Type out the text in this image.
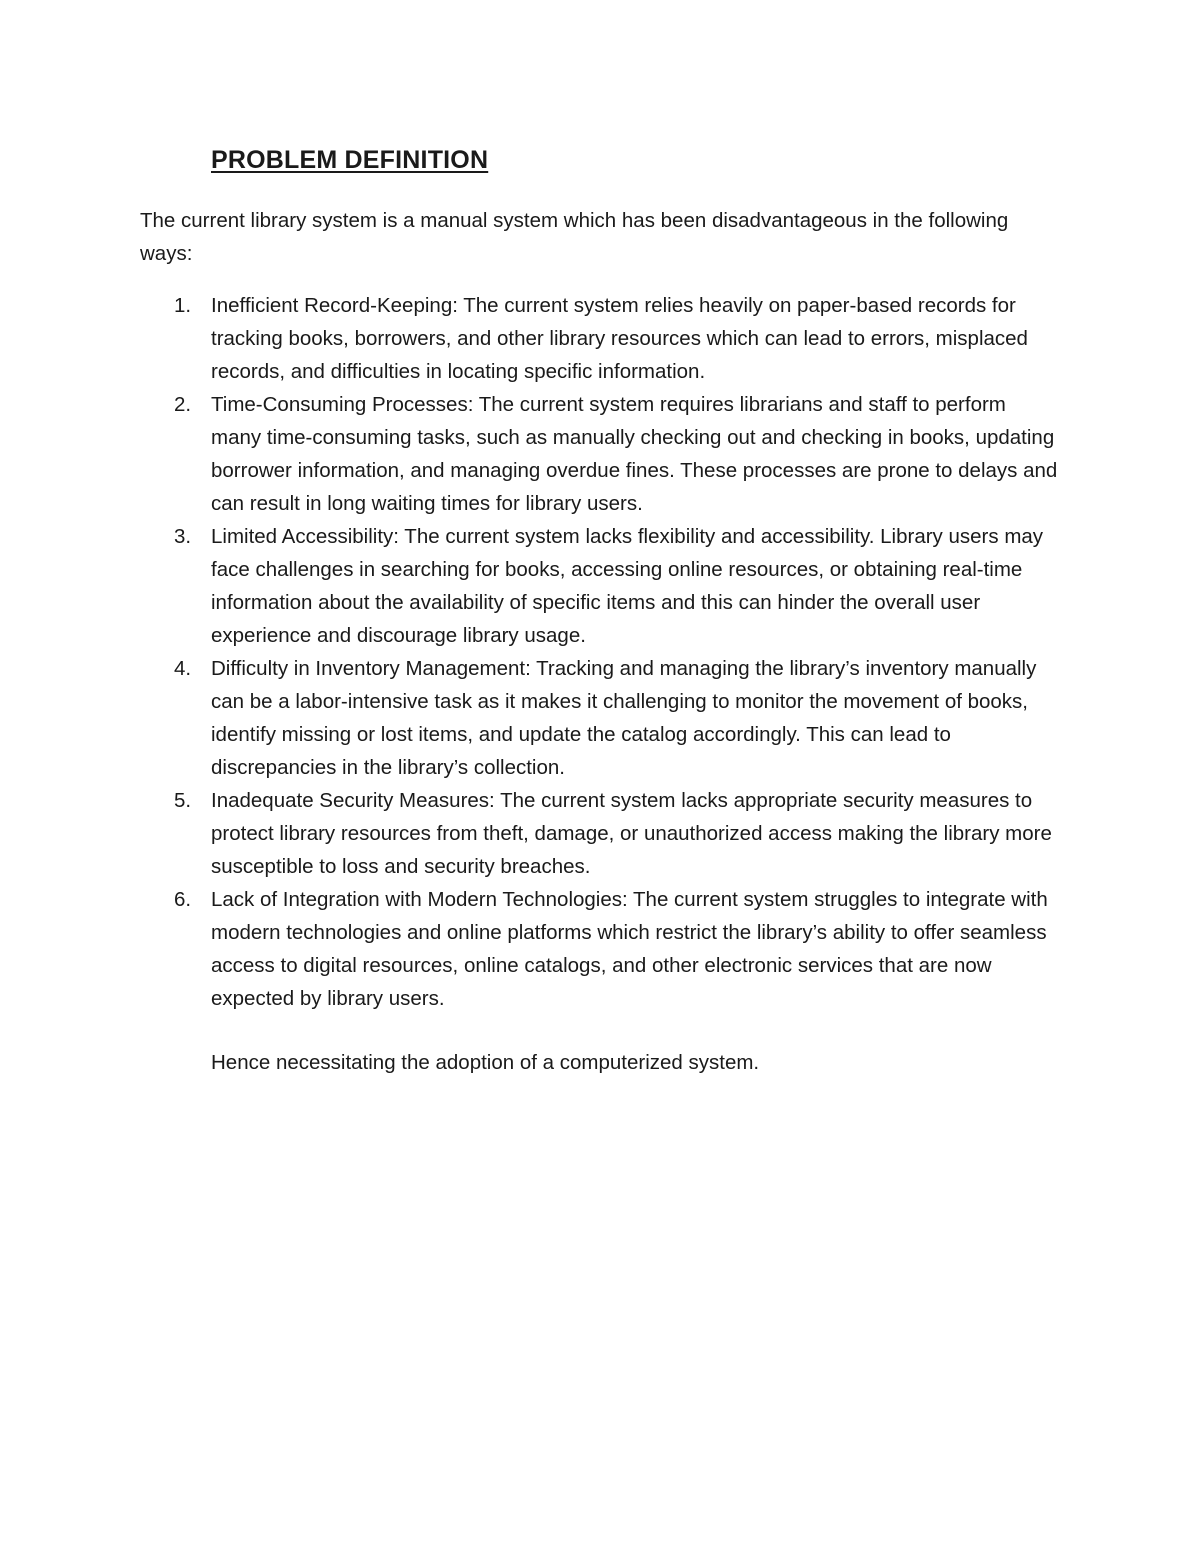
PROBLEM DEFINITION

The current library system is a manual system which has been disadvantageous in the following ways:

1. Inefficient Record-Keeping: The current system relies heavily on paper-based records for tracking books, borrowers, and other library resources which can lead to errors, misplaced records, and difficulties in locating specific information.
2. Time-Consuming Processes: The current system requires librarians and staff to perform many time-consuming tasks, such as manually checking out and checking in books, updating borrower information, and managing overdue fines. These processes are prone to delays and can result in long waiting times for library users.
3. Limited Accessibility: The current system lacks flexibility and accessibility. Library users may face challenges in searching for books, accessing online resources, or obtaining real-time information about the availability of specific items and this can hinder the overall user experience and discourage library usage.
4. Difficulty in Inventory Management: Tracking and managing the library’s inventory manually can be a labor-intensive task as it makes it challenging to monitor the movement of books, identify missing or lost items, and update the catalog accordingly. This can lead to discrepancies in the library’s collection.
5. Inadequate Security Measures: The current system lacks appropriate security measures to protect library resources from theft, damage, or unauthorized access making the library more susceptible to loss and security breaches.
6. Lack of Integration with Modern Technologies: The current system struggles to integrate with modern technologies and online platforms which restrict the library’s ability to offer seamless access to digital resources, online catalogs, and other electronic services that are now expected by library users.

Hence necessitating the adoption of a computerized system.
